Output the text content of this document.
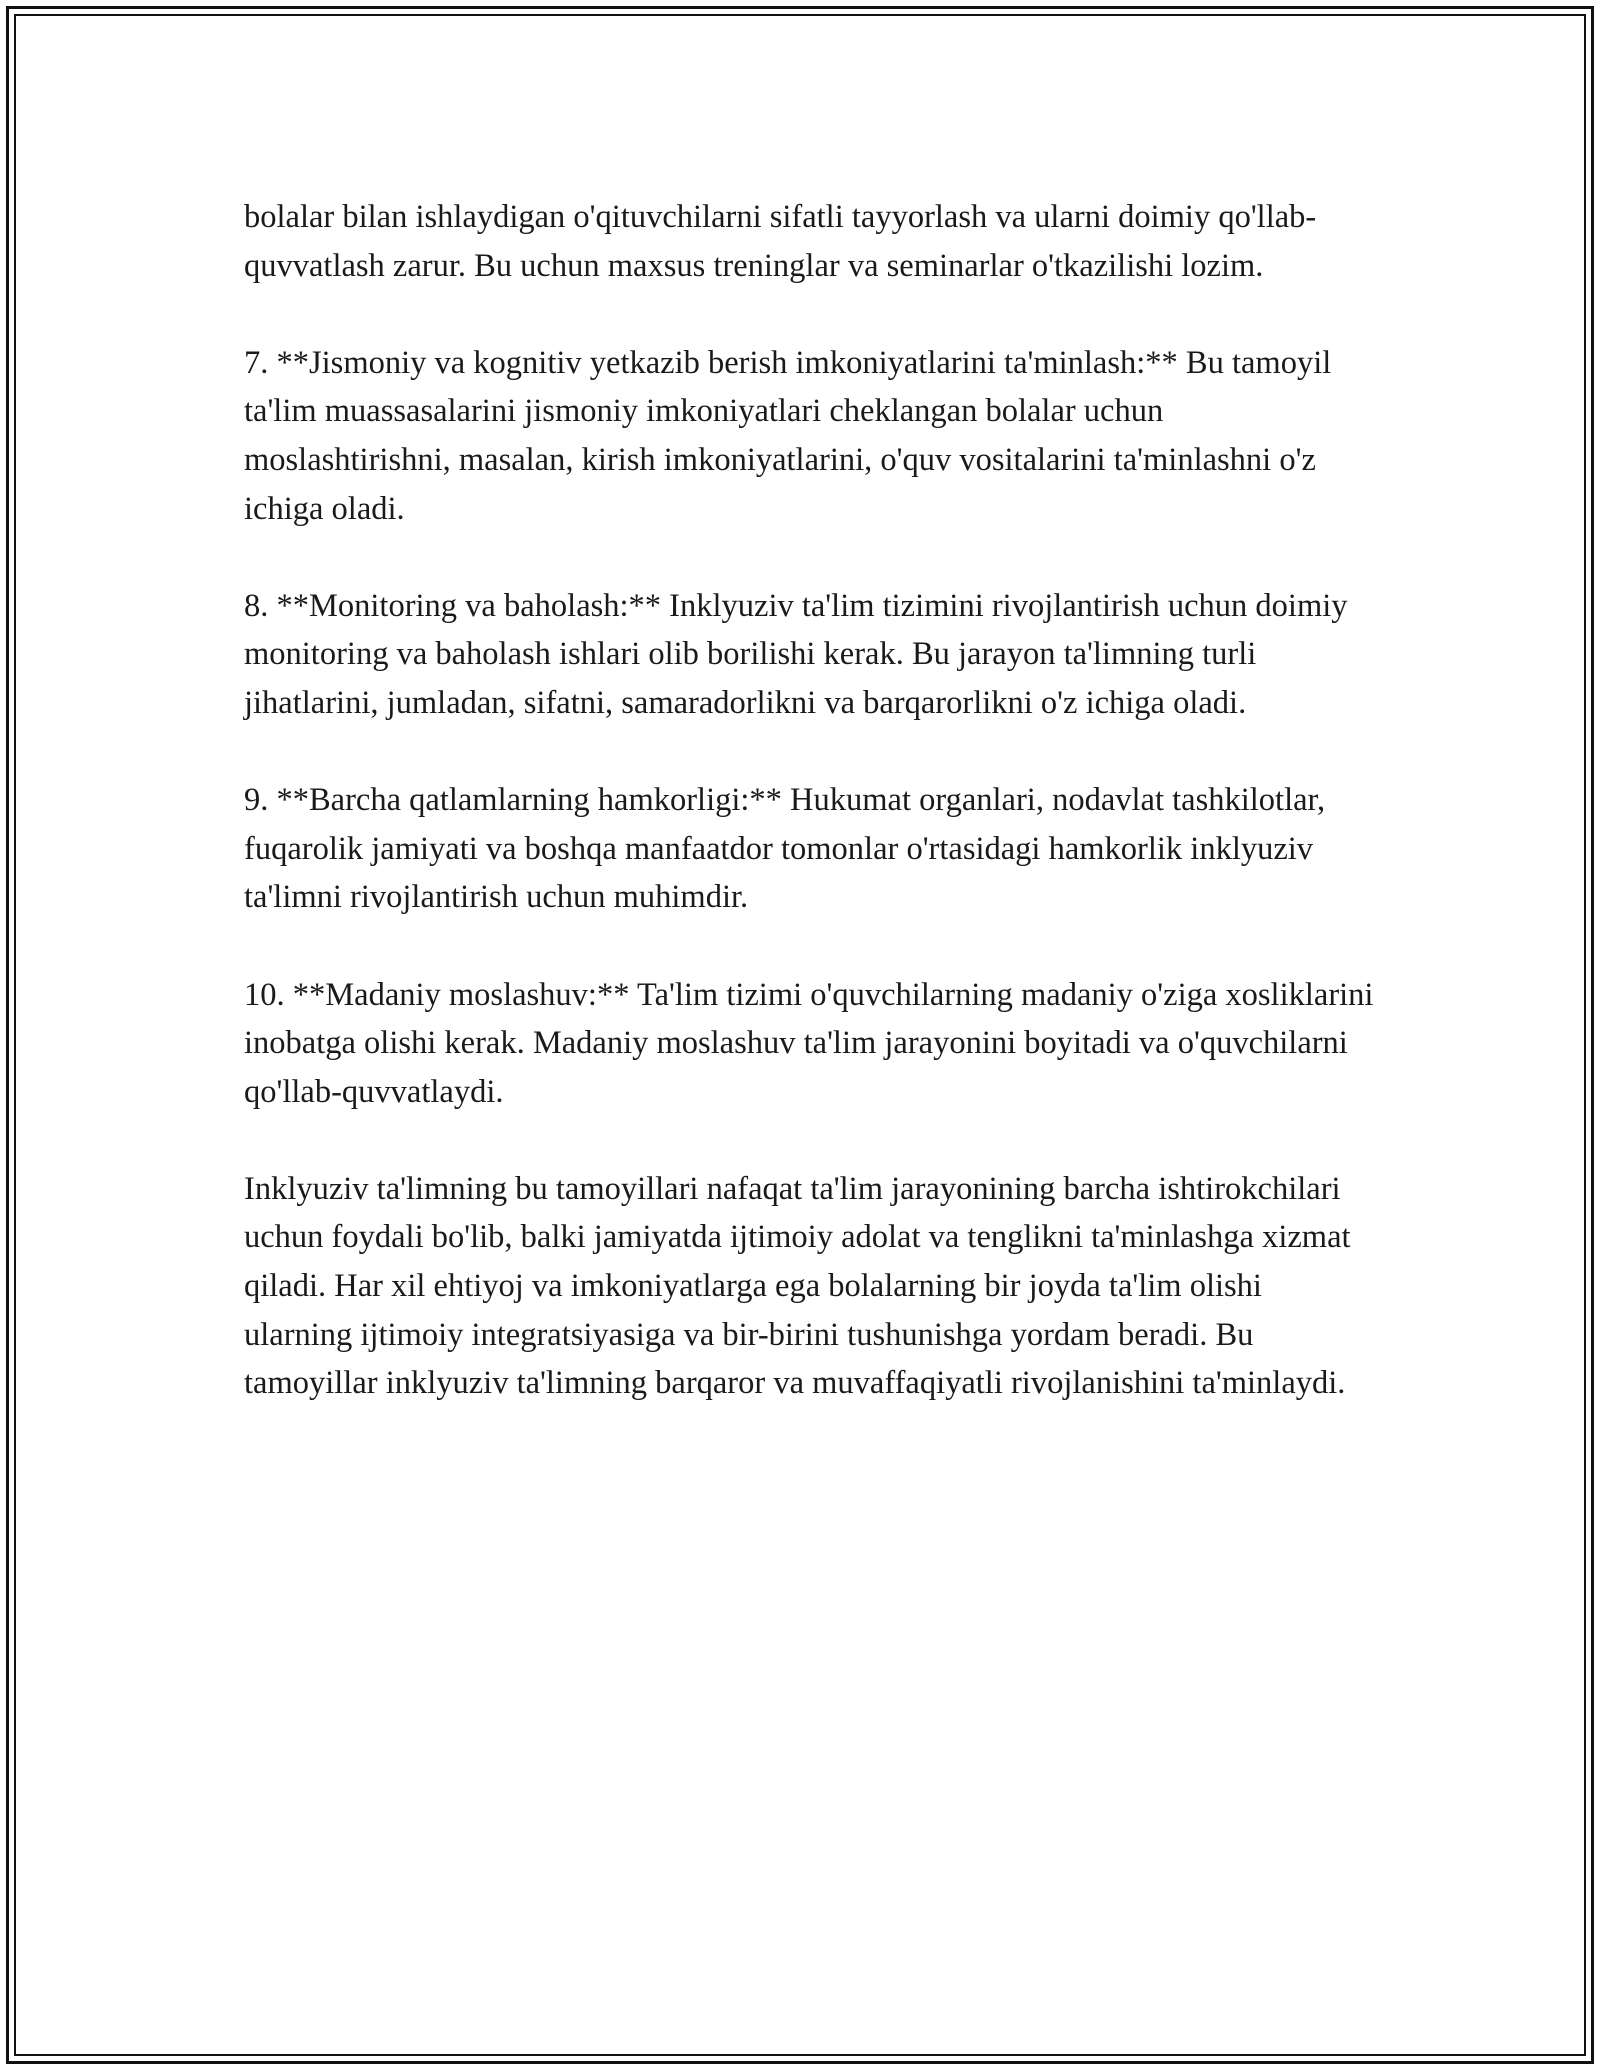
bolalar bilan ishlaydigan o'qituvchilarni sifatli tayyorlash va ularni doimiy qo'llab-quvvatlash zarur. Bu uchun maxsus treninglar va seminarlar o'tkazilishi lozim.

7. **Jismoniy va kognitiv yetkazib berish imkoniyatlarini ta'minlash:** Bu tamoyil ta'lim muassasalarini jismoniy imkoniyatlari cheklangan bolalar uchun moslashtirishni, masalan, kirish imkoniyatlarini, o'quv vositalarini ta'minlashni o'z ichiga oladi.

8. **Monitoring va baholash:** Inklyuziv ta'lim tizimini rivojlantirish uchun doimiy monitoring va baholash ishlari olib borilishi kerak. Bu jarayon ta'limning turli jihatlarini, jumladan, sifatni, samaradorlikni va barqarorlikni o'z ichiga oladi.

9. **Barcha qatlamlarning hamkorligi:** Hukumat organlari, nodavlat tashkilotlar, fuqarolik jamiyati va boshqa manfaatdor tomonlar o'rtasidagi hamkorlik inklyuziv ta'limni rivojlantirish uchun muhimdir.

10. **Madaniy moslashuv:** Ta'lim tizimi o'quvchilarning madaniy o'ziga xosliklarini inobatga olishi kerak. Madaniy moslashuv ta'lim jarayonini boyitadi va o'quvchilarni qo'llab-quvvatlaydi.

Inklyuziv ta'limning bu tamoyillari nafaqat ta'lim jarayonining barcha ishtirokchilari uchun foydali bo'lib, balki jamiyatda ijtimoiy adolat va tenglikni ta'minlashga xizmat qiladi. Har xil ehtiyoj va imkoniyatlarga ega bolalarning bir joyda ta'lim olishi ularning ijtimoiy integratsiyasiga va bir-birini tushunishga yordam beradi. Bu tamoyillar inklyuziv ta'limning barqaror va muvaffaqiyatli rivojlanishini ta'minlaydi.
